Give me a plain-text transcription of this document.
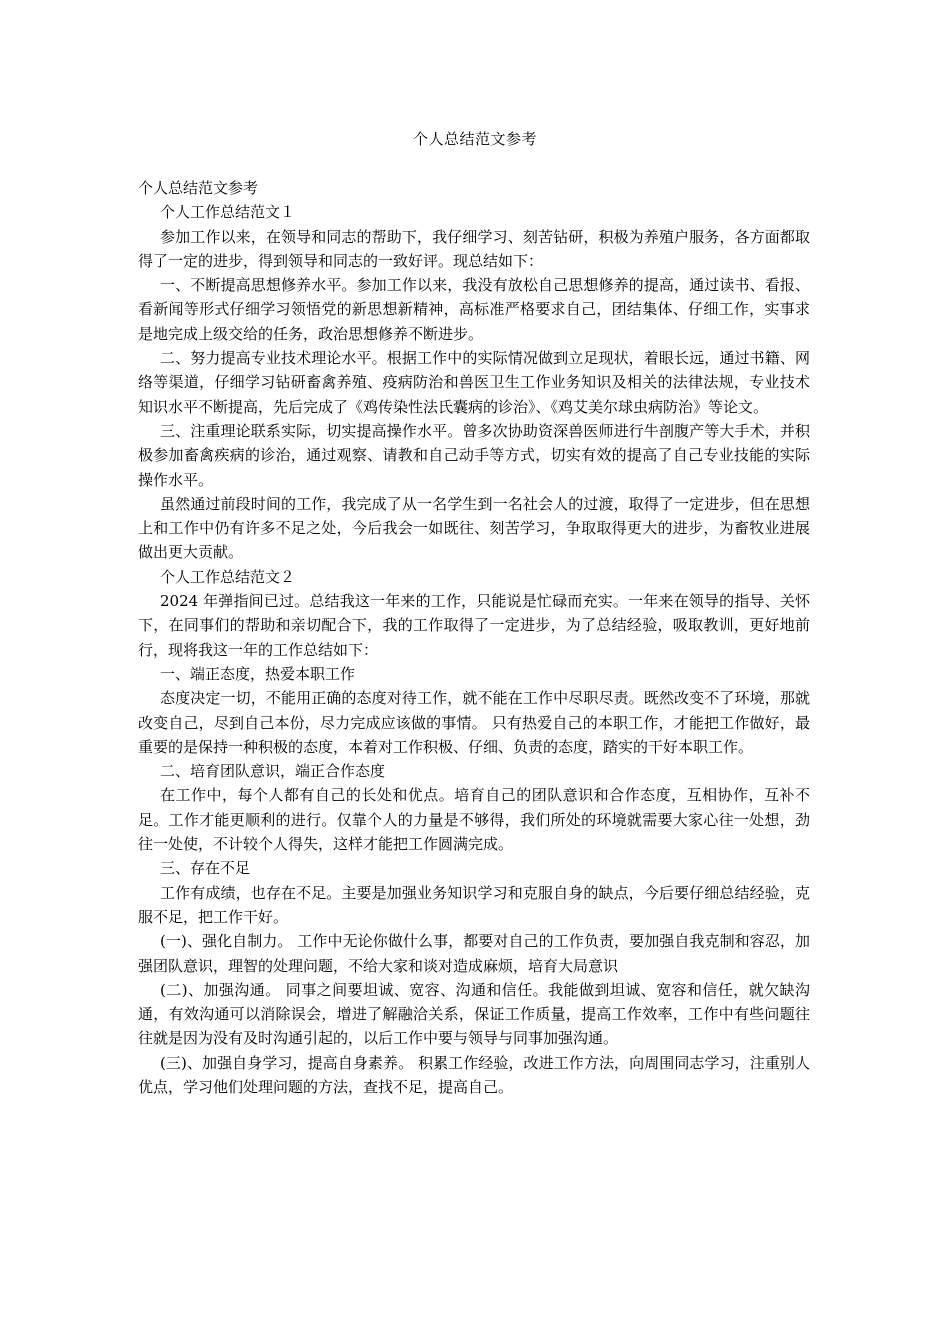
个人总结范文参考

个人总结范文参考

个人工作总结范文１

参加工作以来，在领导和同志的帮助下，我仔细学习、刻苦钻研，积极为养殖户服务，各方面都取得了一定的进步，得到领导和同志的一致好评。现总结如下：

一、不断提高思想修养水平。参加工作以来，我没有放松自己思想修养的提高，通过读书、看报、看新闻等形式仔细学习领悟党的新思想新精神，高标准严格要求自己，团结集体、仔细工作，实事求是地完成上级交给的任务，政治思想修养不断进步。

二、努力提高专业技术理论水平。根据工作中的实际情况做到立足现状，着眼长远，通过书籍、网络等渠道，仔细学习钻研畜禽养殖、疫病防治和兽医卫生工作业务知识及相关的法律法规，专业技术知识水平不断提高，先后完成了《鸡传染性法氏囊病的诊治》、《鸡艾美尔球虫病防治》等论文。

三、注重理论联系实际，切实提高操作水平。曾多次协助资深兽医师进行牛剖腹产等大手术，并积极参加畜禽疾病的诊治，通过观察、请教和自己动手等方式，切实有效的提高了自己专业技能的实际操作水平。

虽然通过前段时间的工作，我完成了从一名学生到一名社会人的过渡，取得了一定进步，但在思想上和工作中仍有许多不足之处，今后我会一如既往、刻苦学习，争取取得更大的进步，为畜牧业进展做出更大贡献。

个人工作总结范文２

2024 年弹指间已过。总结我这一年来的工作，只能说是忙碌而充实。一年来在领导的指导、关怀下，在同事们的帮助和亲切配合下，我的工作取得了一定进步，为了总结经验，吸取教训，更好地前行，现将我这一年的工作总结如下：

一、端正态度，热爱本职工作

态度决定一切，不能用正确的态度对待工作，就不能在工作中尽职尽责。既然改变不了环境，那就改变自己，尽到自己本份，尽力完成应该做的事情。 只有热爱自己的本职工作，才能把工作做好，最重要的是保持一种积极的态度，本着对工作积极、仔细、负责的态度，踏实的干好本职工作。

二、培育团队意识，端正合作态度

在工作中，每个人都有自己的长处和优点。培育自己的团队意识和合作态度，互相协作，互补不足。工作才能更顺利的进行。仅靠个人的力量是不够得，我们所处的环境就需要大家心往一处想，劲往一处使，不计较个人得失，这样才能把工作圆满完成。

三、存在不足

工作有成绩，也存在不足。主要是加强业务知识学习和克服自身的缺点，今后要仔细总结经验，克服不足，把工作干好。

(一)、强化自制力。 工作中无论你做什么事，都要对自己的工作负责，要加强自我克制和容忍，加强团队意识，理智的处理问题，不给大家和谈对造成麻烦，培育大局意识

(二)、加强沟通。 同事之间要坦诚、宽容、沟通和信任。我能做到坦诚、宽容和信任，就欠缺沟通，有效沟通可以消除误会，增进了解融洽关系，保证工作质量，提高工作效率，工作中有些问题往往就是因为没有及时沟通引起的，以后工作中要与领导与同事加强沟通。

(三)、加强自身学习，提高自身素养。 积累工作经验，改进工作方法，向周围同志学习，注重别人优点，学习他们处理问题的方法，查找不足，提高自己。
